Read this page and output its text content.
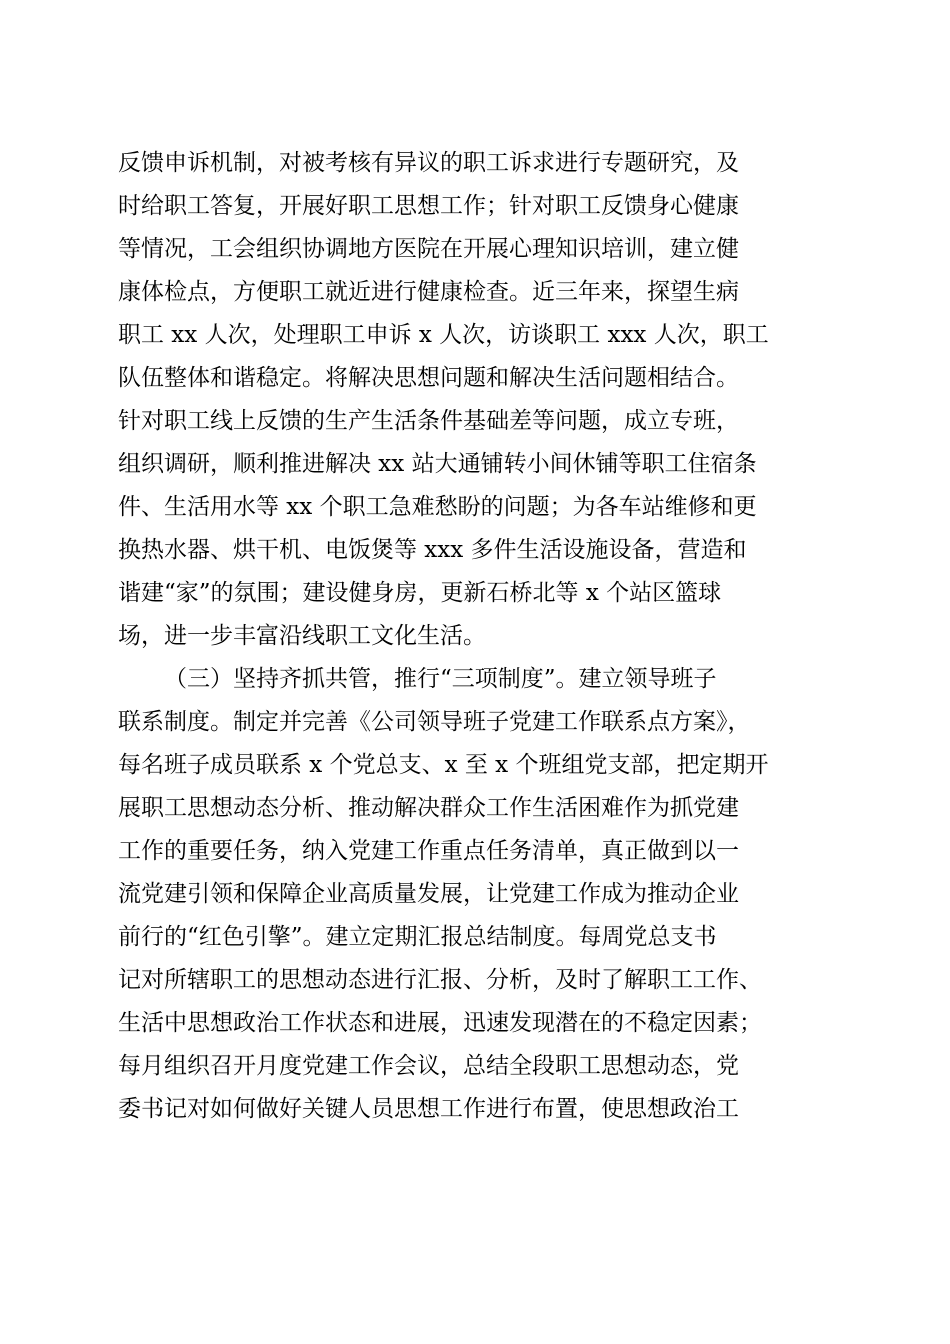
反馈申诉机制，对被考核有异议的职工诉求进行专题研究，及
时给职工答复，开展好职工思想工作；针对职工反馈身心健康
等情况，工会组织协调地方医院在开展心理知识培训，建立健
康体检点，方便职工就近进行健康检查。近三年来，探望生病
职工 xx 人次，处理职工申诉 x 人次，访谈职工 xxx 人次，职工
队伍整体和谐稳定。将解决思想问题和解决生活问题相结合。
针对职工线上反馈的生产生活条件基础差等问题，成立专班，
组织调研，顺利推进解决 xx 站大通铺转小间休铺等职工住宿条
件、生活用水等 xx 个职工急难愁盼的问题；为各车站维修和更
换热水器、烘干机、电饭煲等 xxx 多件生活设施设备，营造和
谐建“家”的氛围；建设健身房，更新石桥北等 x 个站区篮球
场，进一步丰富沿线职工文化生活。
（三）坚持齐抓共管，推行“三项制度”。建立领导班子
联系制度。制定并完善《公司领导班子党建工作联系点方案》，
每名班子成员联系 x 个党总支、x 至 x 个班组党支部，把定期开
展职工思想动态分析、推动解决群众工作生活困难作为抓党建
工作的重要任务，纳入党建工作重点任务清单，真正做到以一
流党建引领和保障企业高质量发展，让党建工作成为推动企业
前行的“红色引擎”。建立定期汇报总结制度。每周党总支书
记对所辖职工的思想动态进行汇报、分析，及时了解职工工作、
生活中思想政治工作状态和进展，迅速发现潜在的不稳定因素；
每月组织召开月度党建工作会议，总结全段职工思想动态，党
委书记对如何做好关键人员思想工作进行布置，使思想政治工
